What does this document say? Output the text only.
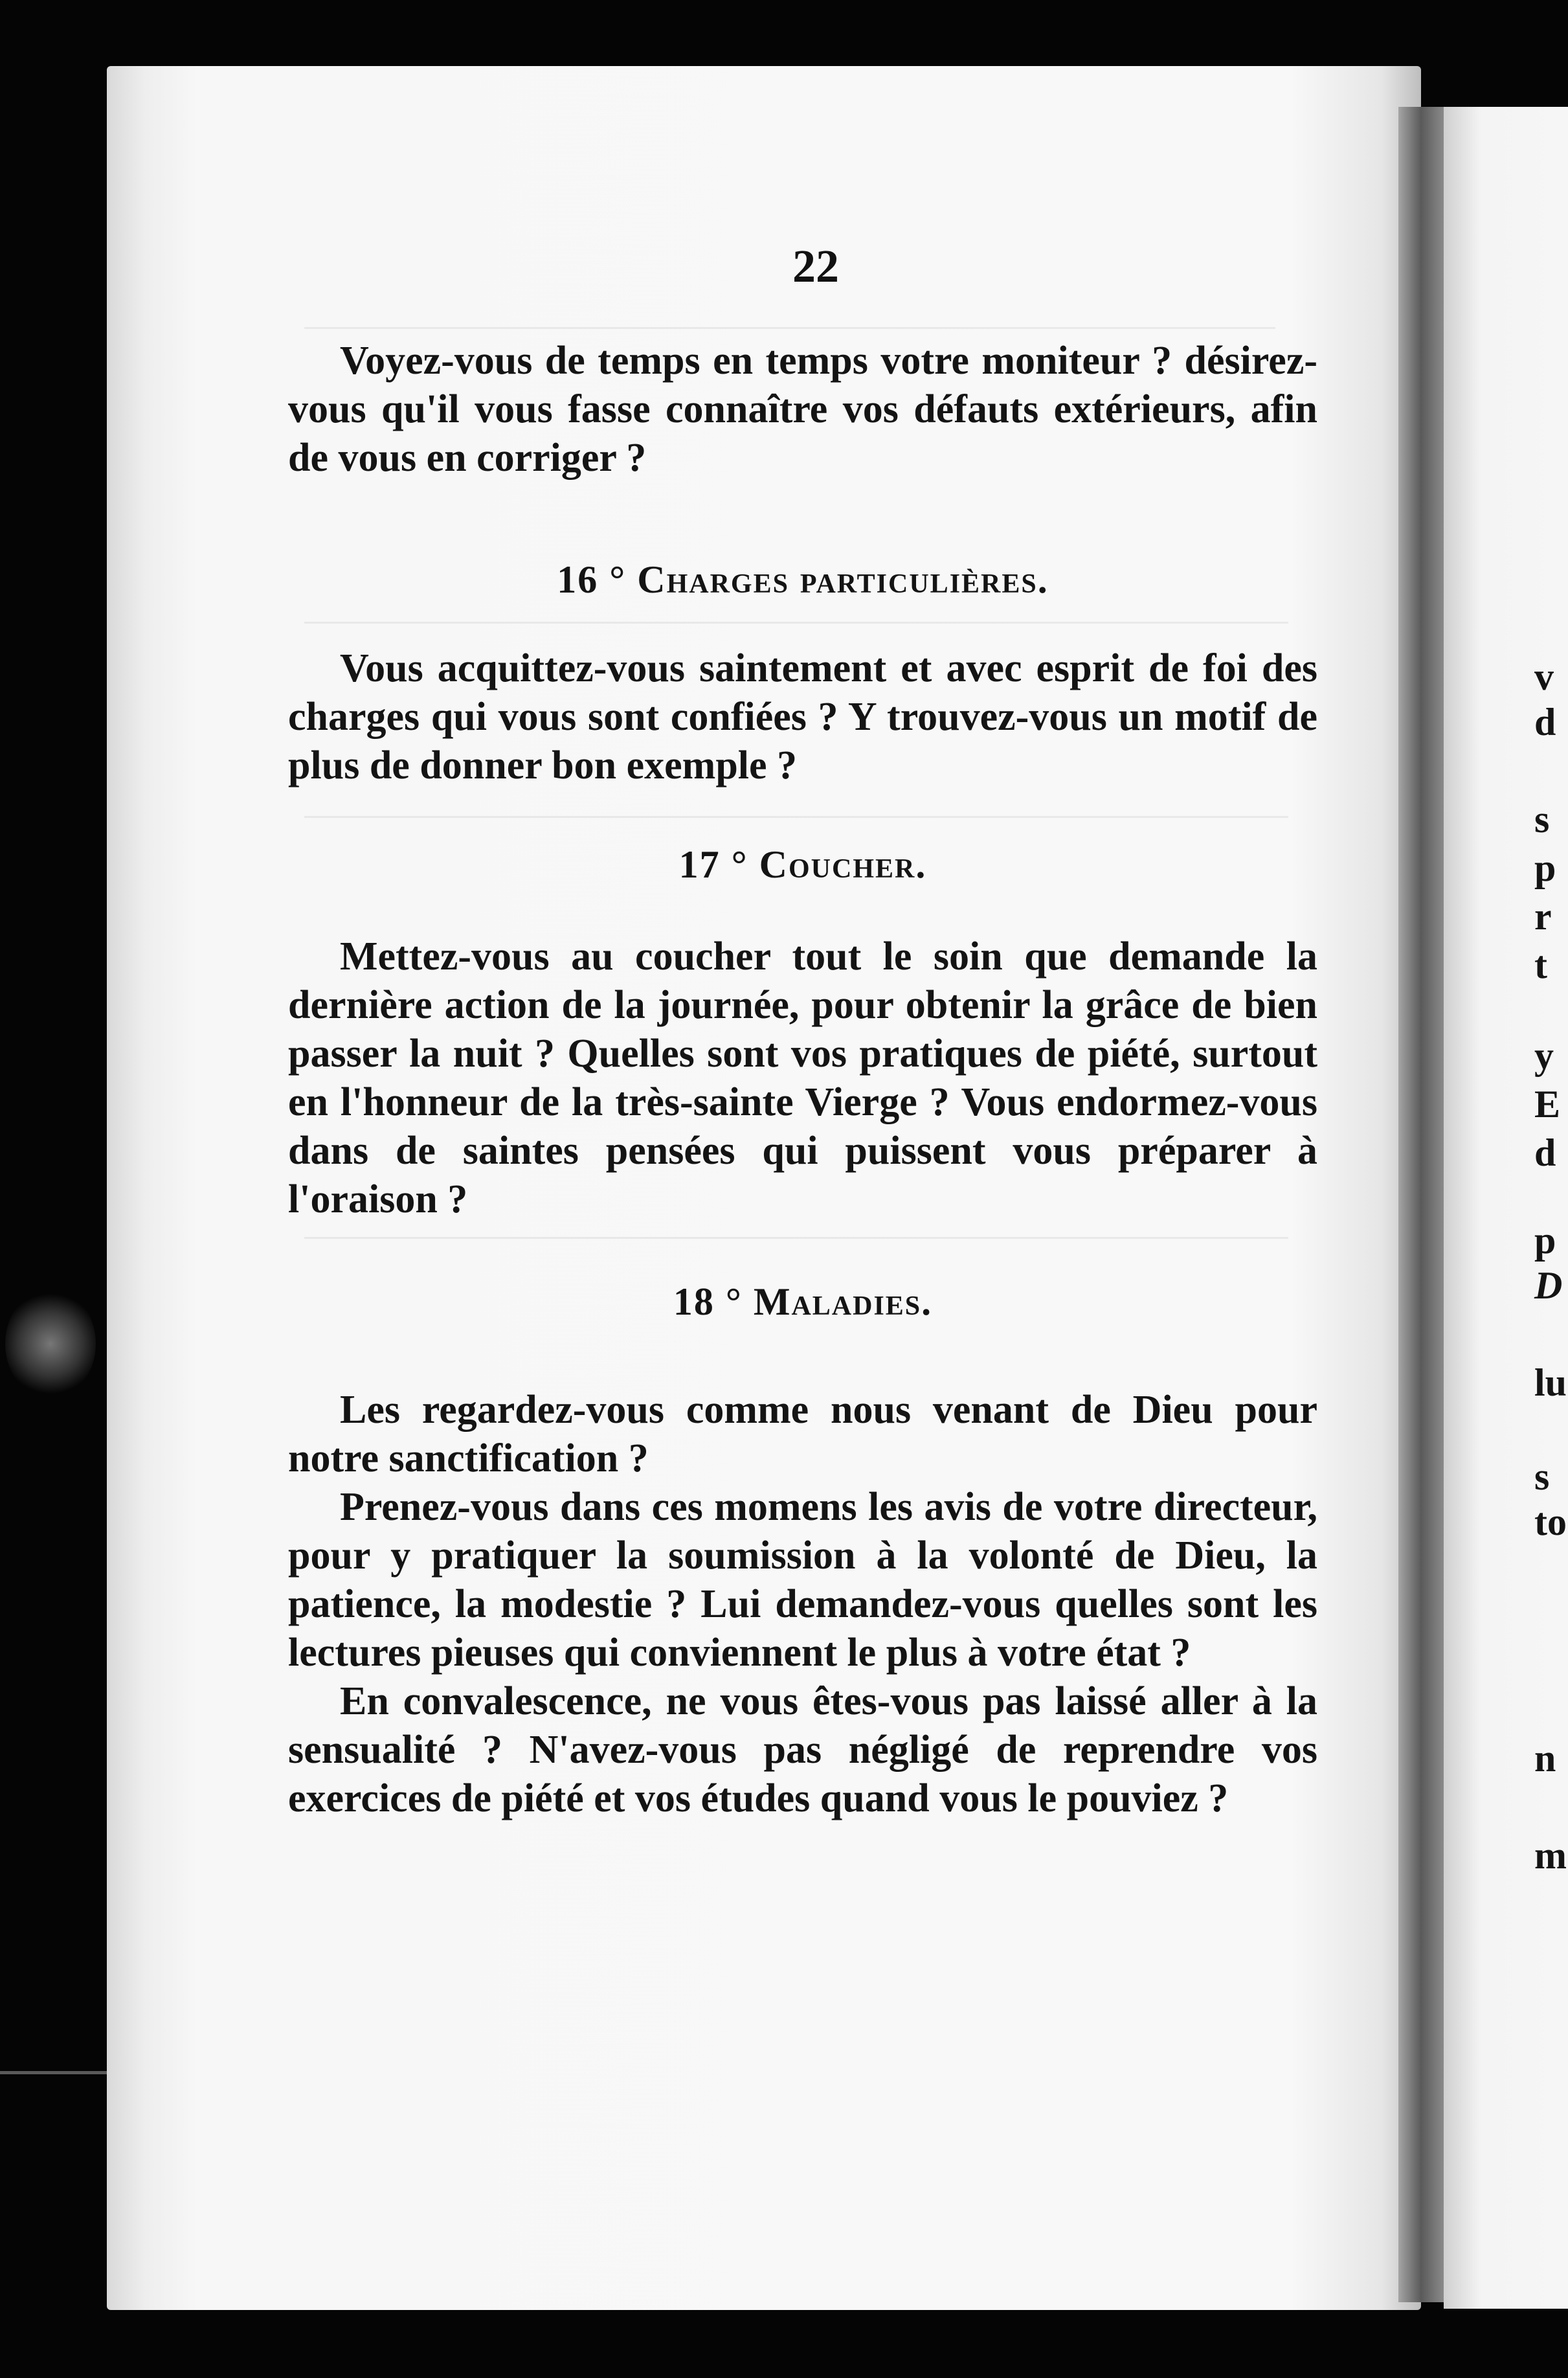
22

Voyez-vous de temps en temps votre moniteur ? désirez-vous qu'il vous fasse connaître vos défauts extérieurs, afin de vous en corriger ?

16 ° Charges particulières.

Vous acquittez-vous saintement et avec esprit de foi des charges qui vous sont confiées ? Y trouvez-vous un motif de plus de donner bon exemple ?

17 ° Coucher.

Mettez-vous au coucher tout le soin que demande la dernière action de la journée, pour obtenir la grâce de bien passer la nuit ? Quelles sont vos pratiques de piété, surtout en l'honneur de la très-sainte Vierge ? Vous endormez-vous dans de saintes pensées qui puissent vous préparer à l'oraison ?

18 ° Maladies.

Les regardez-vous comme nous venant de Dieu pour notre sanctification ?

Prenez-vous dans ces momens les avis de votre directeur, pour y pratiquer la soumission à la volonté de Dieu, la patience, la modestie ? Lui demandez-vous quelles sont les lectures pieuses qui conviennent le plus à votre état ?

En convalescence, ne vous êtes-vous pas laissé aller à la sensualité ? N'avez-vous pas négligé de reprendre vos exercices de piété et vos études quand vous le pouviez ?

v
d
s
p
r
t
y
E
d
p
D
lu
s
to
n
m
